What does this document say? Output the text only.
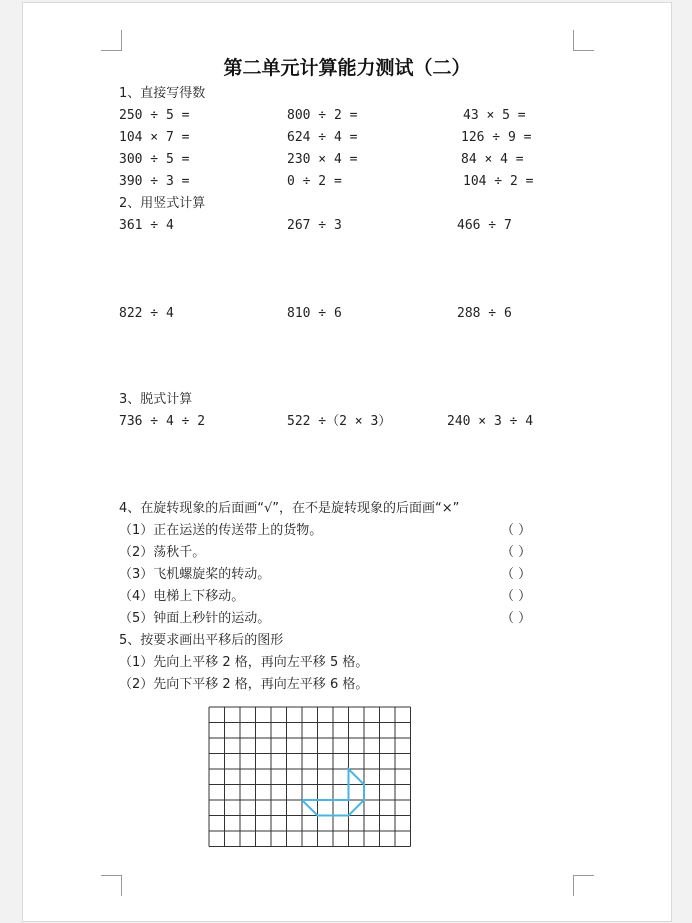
第二单元计算能力测试（二）
1、直接写得数
250 ÷ 5 =	800 ÷ 2 =	43 × 5 =
104 × 7 =	624 ÷ 4 =	126 ÷ 9 =
300 ÷ 5 =	230 × 4 =	84 × 4 =
390 ÷ 3 =	0 ÷ 2 =	104 ÷ 2 =
2、用竖式计算
361 ÷ 4	267 ÷ 3	466 ÷ 7
822 ÷ 4	810 ÷ 6	288 ÷ 6
3、脱式计算
736 ÷ 4 ÷ 2	522 ÷（2 × 3）	240 × 3 ÷ 4
4、在旋转现象的后面画“√”，在不是旋转现象的后面画“×”
（1）正在运送的传送带上的货物。	（ ）
（2）荡秋千。	（ ）
（3）飞机螺旋桨的转动。	（ ）
（4）电梯上下移动。	（ ）
（5）钟面上秒针的运动。	（ ）
5、按要求画出平移后的图形
（1）先向上平移 2 格，再向左平移 5 格。
（2）先向下平移 2 格，再向左平移 6 格。
